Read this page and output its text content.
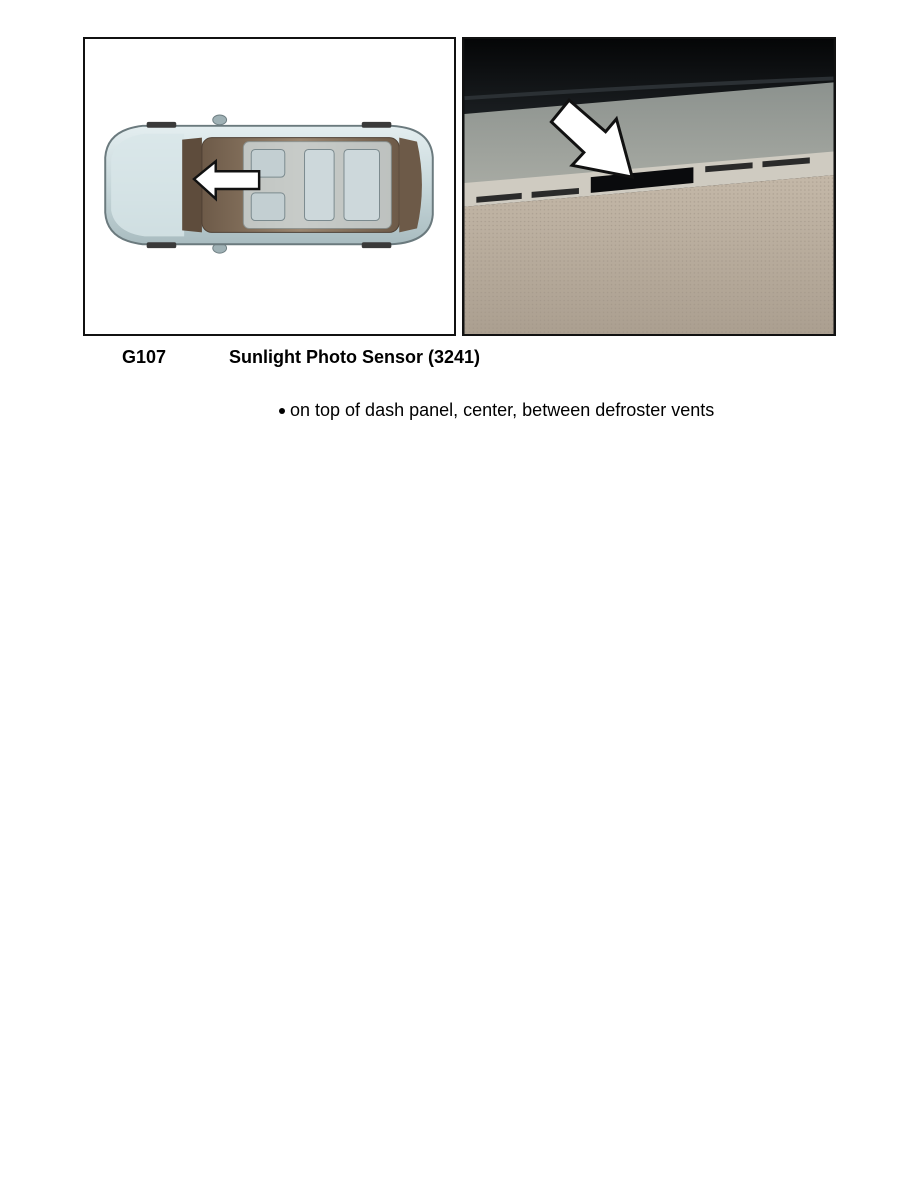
G107	Sunlight Photo Sensor (3241)
on top of dash panel, center, between defroster vents
